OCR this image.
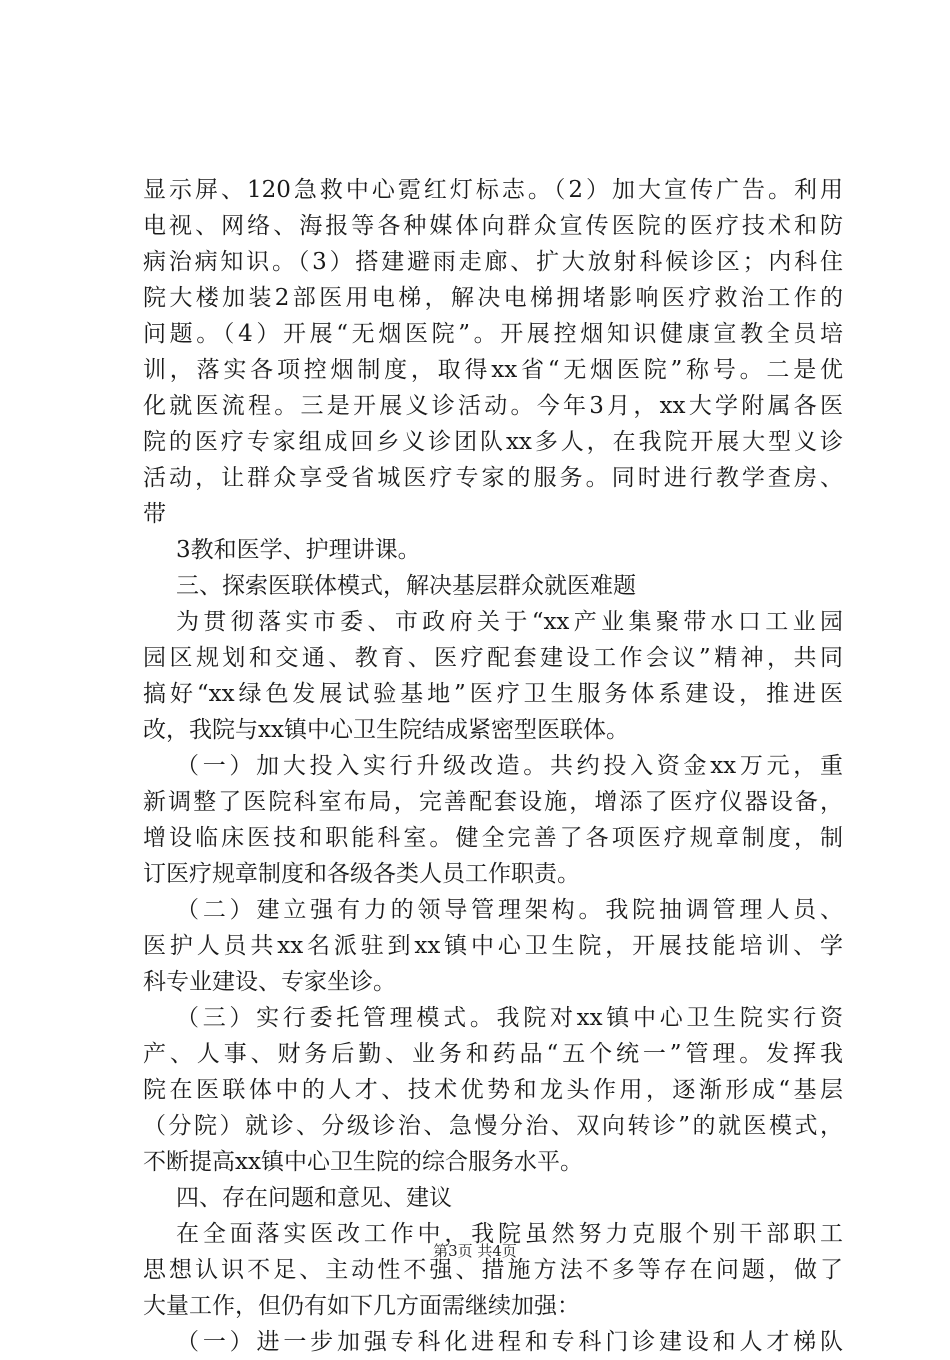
显示屏、120急救中心霓红灯标志。（2）加大宣传广告。利用
电视、网络、海报等各种媒体向群众宣传医院的医疗技术和防
病治病知识。（3）搭建避雨走廊、扩大放射科候诊区；内科住
院大楼加装2部医用电梯，解决电梯拥堵影响医疗救治工作的
问题。（4）开展“无烟医院”。开展控烟知识健康宣教全员培
训，落实各项控烟制度，取得xx省“无烟医院”称号。二是优
化就医流程。三是开展义诊活动。今年3月，xx大学附属各医
院的医疗专家组成回乡义诊团队xx多人，在我院开展大型义诊
活动，让群众享受省城医疗专家的服务。同时进行教学查房、
带
3教和医学、护理讲课。
三、探索医联体模式，解决基层群众就医难题
为贯彻落实市委、市政府关于“xx产业集聚带水口工业园
园区规划和交通、教育、医疗配套建设工作会议”精神，共同
搞好“xx绿色发展试验基地”医疗卫生服务体系建设，推进医
改，我院与xx镇中心卫生院结成紧密型医联体。
（一）加大投入实行升级改造。共约投入资金xx万元，重
新调整了医院科室布局，完善配套设施，增添了医疗仪器设备，
增设临床医技和职能科室。健全完善了各项医疗规章制度，制
订医疗规章制度和各级各类人员工作职责。
（二）建立强有力的领导管理架构。我院抽调管理人员、
医护人员共xx名派驻到xx镇中心卫生院，开展技能培训、学
科专业建设、专家坐诊。
（三）实行委托管理模式。我院对xx镇中心卫生院实行资
产、人事、财务后勤、业务和药品“五个统一”管理。发挥我
院在医联体中的人才、技术优势和龙头作用，逐渐形成“基层
（分院）就诊、分级诊治、急慢分治、双向转诊”的就医模式，
不断提高xx镇中心卫生院的综合服务水平。
四、存在问题和意见、建议
在全面落实医改工作中，我院虽然努力克服个别干部职工
思想认识不足、主动性不强、措施方法不多等存在问题，做了
大量工作，但仍有如下几方面需继续加强：
（一）进一步加强专科化进程和专科门诊建设和人才梯队
第3页 共4页
